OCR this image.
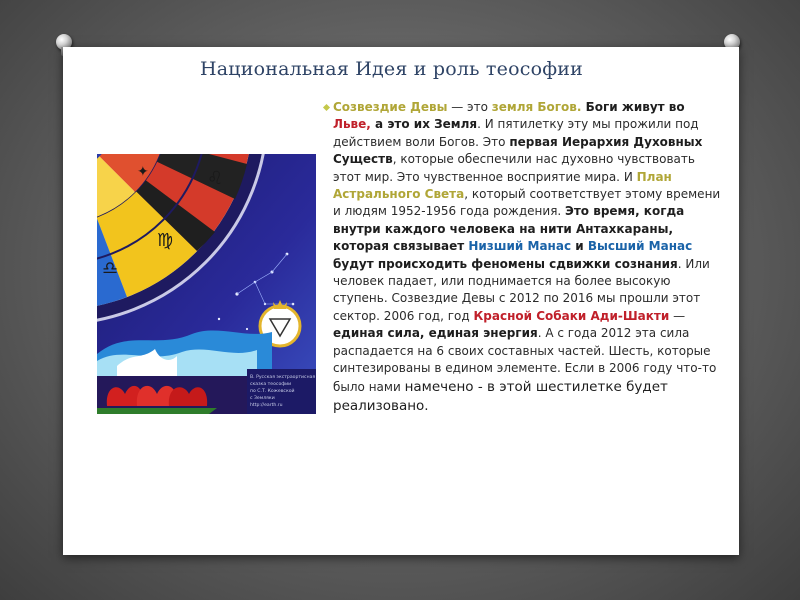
Национальная Идея и роль теософии
♌
♍
♎
✦
В. Русская экстраортисная
сказка теософии
по С.Т. Кожевской
с Земляки
http://earth.ru
Созвездие Девы — это земля Богов. Боги живут во Льве, а это их Земля. И пятилетку эту мы прожили под действием воли Богов. Это первая Иерархия Духовных Существ, которые обеспечили нас духовно чувствовать этот мир. Это чувственное восприятие мира. И План Астрального Света, который соответствует этому времени и людям 1952-1956 года рождения. Это время, когда внутри каждого человека на нити Антахкараны, которая связывает Низший Манас и Высший Манас будут происходить феномены сдвижки сознания. Или человек падает, или поднимается на более высокую ступень. Созвездие Девы с 2012 по 2016 мы прошли этот сектор. 2006 год, год Красной Собаки Ади-Шакти — единая сила, единая энергия. А с года 2012 эта сила распадается на 6 своих составных частей. Шесть, которые синтезированы в едином элементе. Если в 2006 году что-то было нами намечено - в этой шестилетке будет реализовано.
